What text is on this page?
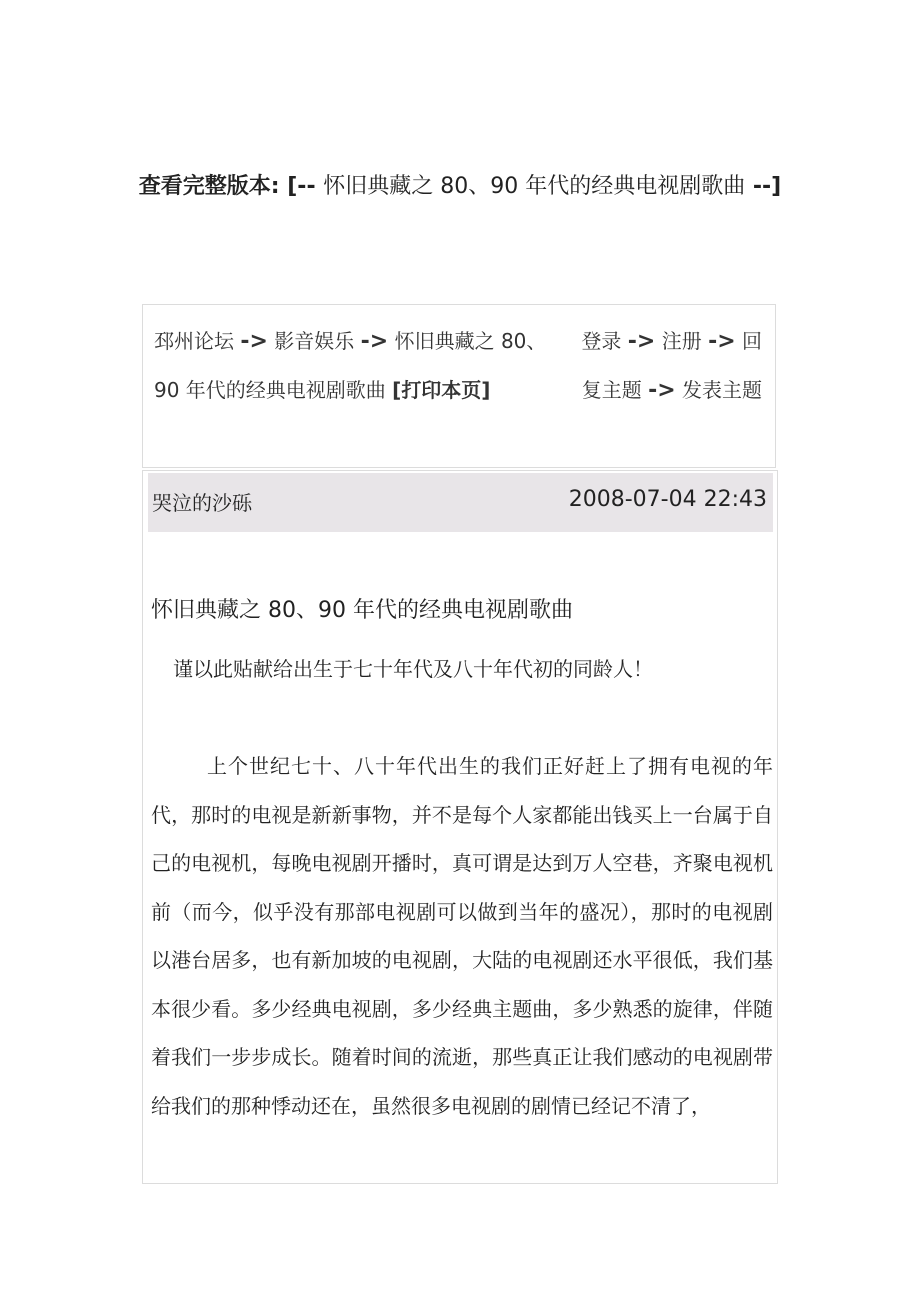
查看完整版本: [-- 怀旧典藏之 80、90 年代的经典电视剧歌曲 --]
邳州论坛 -> 影音娱乐 -> 怀旧典藏之 80、90 年代的经典电视剧歌曲 [打印本页]
登录 -> 注册 -> 回复主题 -> 发表主题
哭泣的沙砾	2008-07-04 22:43
怀旧典藏之 80、90 年代的经典电视剧歌曲
谨以此贴献给出生于七十年代及八十年代初的同龄人！

上个世纪七十、八十年代出生的我们正好赶上了拥有电视的年代，那时的电视是新新事物，并不是每个人家都能出钱买上一台属于自己的电视机，每晚电视剧开播时，真可谓是达到万人空巷，齐聚电视机前（而今，似乎没有那部电视剧可以做到当年的盛况），那时的电视剧以港台居多，也有新加坡的电视剧，大陆的电视剧还水平很低，我们基本很少看。多少经典电视剧，多少经典主题曲，多少熟悉的旋律，伴随着我们一步步成长。随着时间的流逝，那些真正让我们感动的电视剧带给我们的那种悸动还在，虽然很多电视剧的剧情已经记不清了，
